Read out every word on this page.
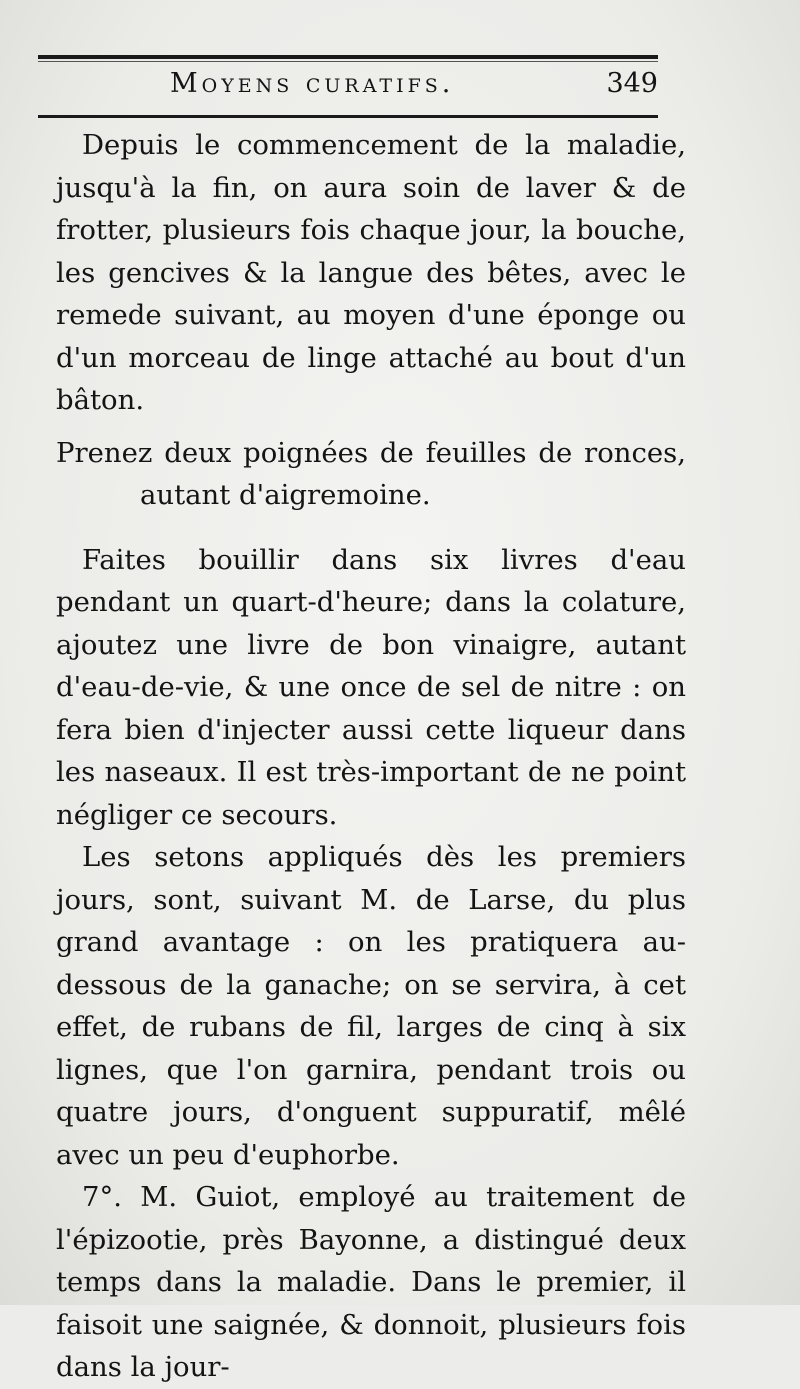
Moyens curatifs.	349

Depuis le commencement de la maladie, jusqu'à la fin, on aura soin de laver & de frotter, plusieurs fois chaque jour, la bouche, les gencives & la langue des bêtes, avec le remede suivant, au moyen d'une éponge ou d'un morceau de linge attaché au bout d'un bâton.

Prenez deux poignées de feuilles de ronces, autant d'aigremoine.

Faites bouillir dans six livres d'eau pendant un quart-d'heure; dans la colature, ajoutez une livre de bon vinaigre, autant d'eau-de-vie, & une once de sel de nitre : on fera bien d'injecter aussi cette liqueur dans les naseaux. Il est très-important de ne point négliger ce secours.

Les setons appliqués dès les premiers jours, sont, suivant M. de Larse, du plus grand avantage : on les pratiquera au-dessous de la ganache; on se servira, à cet effet, de rubans de fil, larges de cinq à six lignes, que l'on garnira, pendant trois ou quatre jours, d'onguent suppuratif, mêlé avec un peu d'euphorbe.

7°. M. Guiot, employé au traitement de l'épizootie, près Bayonne, a distingué deux temps dans la maladie. Dans le premier, il faisoit une saignée, & donnoit, plusieurs fois dans la jour-
